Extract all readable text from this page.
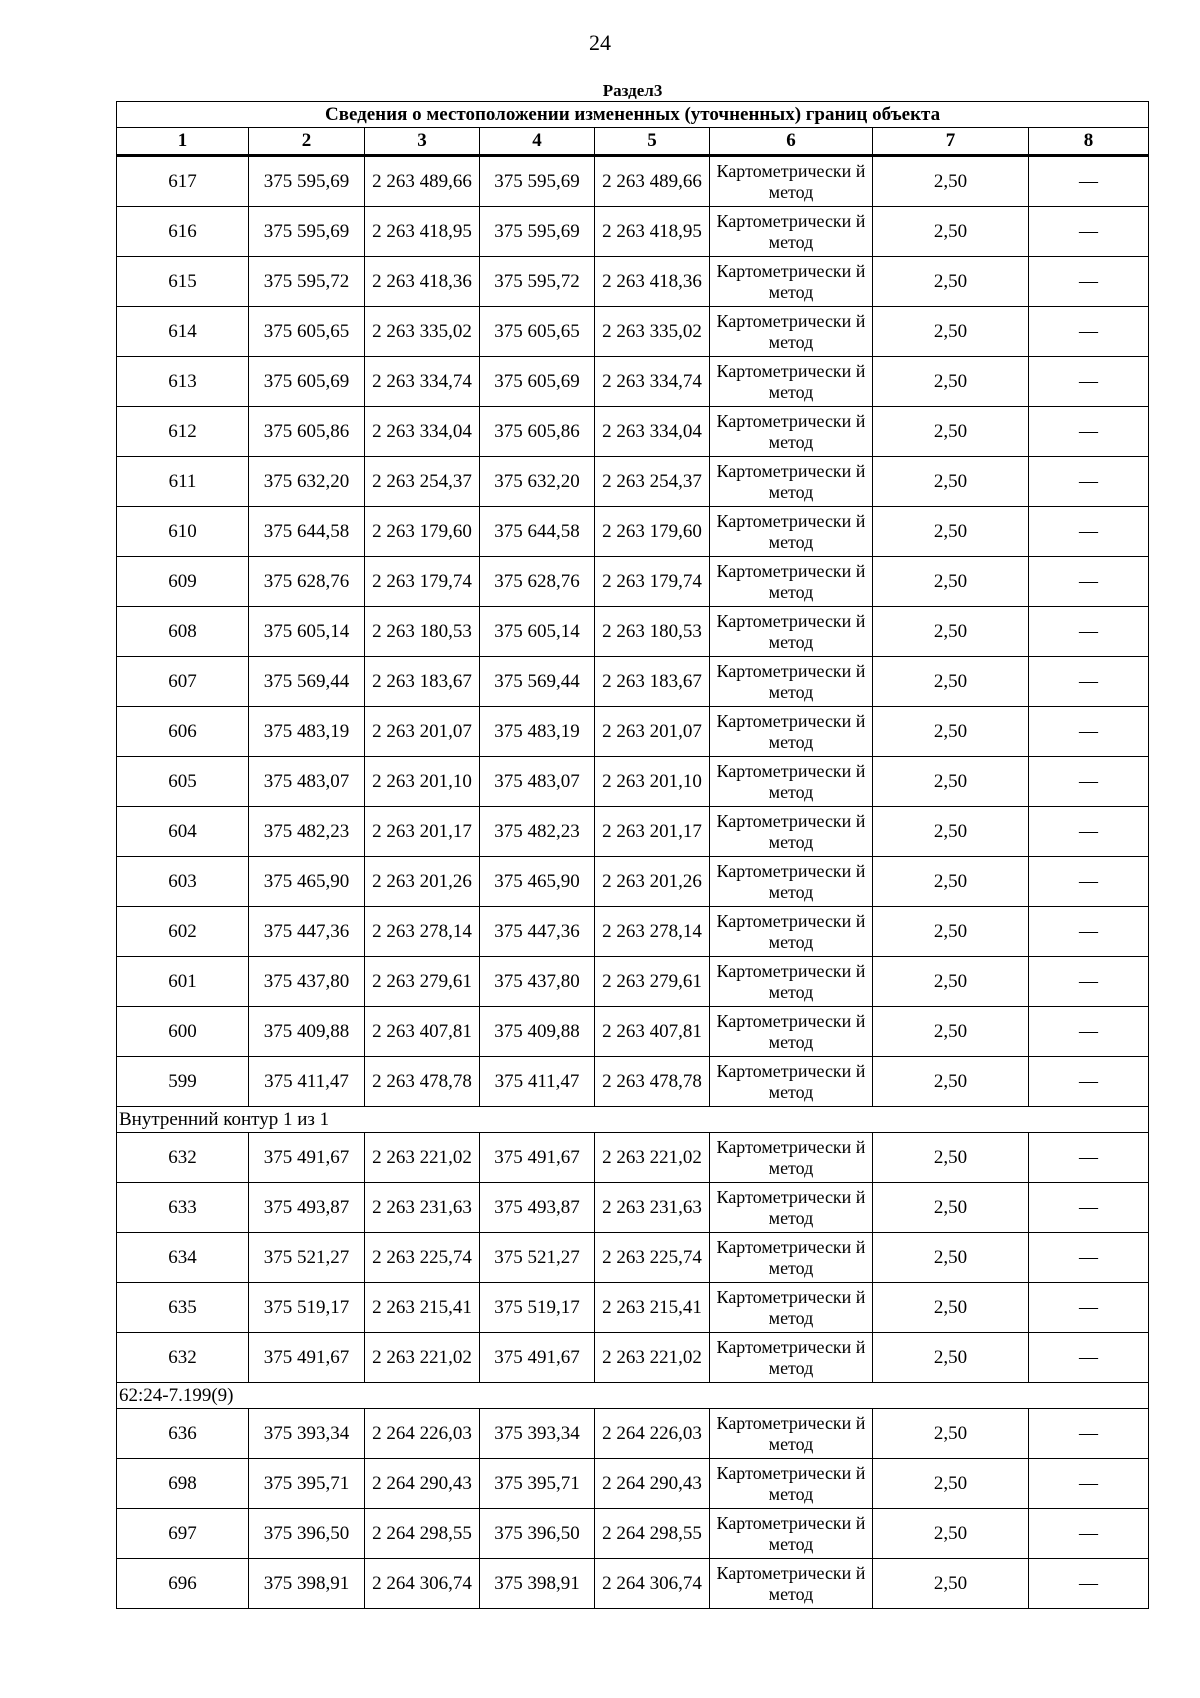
24
Раздел3							
Сведения о местоположении измененных (уточненных) границ объекта							
1	2	3	4	5	6	7	8
617	375 595,69	2 263 489,66	375 595,69	2 263 489,66	Картометрически й метод	2,50	—
616	375 595,69	2 263 418,95	375 595,69	2 263 418,95	Картометрически й метод	2,50	—
615	375 595,72	2 263 418,36	375 595,72	2 263 418,36	Картометрически й метод	2,50	—
614	375 605,65	2 263 335,02	375 605,65	2 263 335,02	Картометрически й метод	2,50	—
613	375 605,69	2 263 334,74	375 605,69	2 263 334,74	Картометрически й метод	2,50	—
612	375 605,86	2 263 334,04	375 605,86	2 263 334,04	Картометрически й метод	2,50	—
611	375 632,20	2 263 254,37	375 632,20	2 263 254,37	Картометрически й метод	2,50	—
610	375 644,58	2 263 179,60	375 644,58	2 263 179,60	Картометрически й метод	2,50	—
609	375 628,76	2 263 179,74	375 628,76	2 263 179,74	Картометрически й метод	2,50	—
608	375 605,14	2 263 180,53	375 605,14	2 263 180,53	Картометрически й метод	2,50	—
607	375 569,44	2 263 183,67	375 569,44	2 263 183,67	Картометрически й метод	2,50	—
606	375 483,19	2 263 201,07	375 483,19	2 263 201,07	Картометрически й метод	2,50	—
605	375 483,07	2 263 201,10	375 483,07	2 263 201,10	Картометрически й метод	2,50	—
604	375 482,23	2 263 201,17	375 482,23	2 263 201,17	Картометрически й метод	2,50	—
603	375 465,90	2 263 201,26	375 465,90	2 263 201,26	Картометрически й метод	2,50	—
602	375 447,36	2 263 278,14	375 447,36	2 263 278,14	Картометрически й метод	2,50	—
601	375 437,80	2 263 279,61	375 437,80	2 263 279,61	Картометрически й метод	2,50	—
600	375 409,88	2 263 407,81	375 409,88	2 263 407,81	Картометрически й метод	2,50	—
599	375 411,47	2 263 478,78	375 411,47	2 263 478,78	Картометрически й метод	2,50	—
Внутренний контур 1 из 1							
632	375 491,67	2 263 221,02	375 491,67	2 263 221,02	Картометрически й метод	2,50	—
633	375 493,87	2 263 231,63	375 493,87	2 263 231,63	Картометрически й метод	2,50	—
634	375 521,27	2 263 225,74	375 521,27	2 263 225,74	Картометрически й метод	2,50	—
635	375 519,17	2 263 215,41	375 519,17	2 263 215,41	Картометрически й метод	2,50	—
632	375 491,67	2 263 221,02	375 491,67	2 263 221,02	Картометрически й метод	2,50	—
62:24-7.199(9)							
636	375 393,34	2 264 226,03	375 393,34	2 264 226,03	Картометрически й метод	2,50	—
698	375 395,71	2 264 290,43	375 395,71	2 264 290,43	Картометрически й метод	2,50	—
697	375 396,50	2 264 298,55	375 396,50	2 264 298,55	Картометрически й метод	2,50	—
696	375 398,91	2 264 306,74	375 398,91	2 264 306,74	Картометрически й метод	2,50	—
